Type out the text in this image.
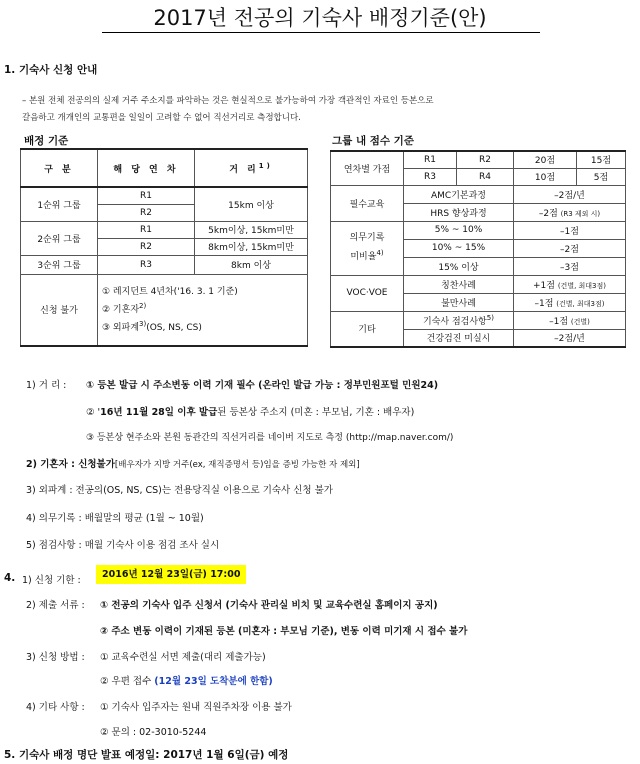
2017년 전공의 기숙사 배정기준(안)
1. 기숙사 신청 안내
– 본원 전체 전공의의 실제 거주 주소지를 파악하는 것은 현실적으로 불가능하여 가장 객관적인 자료인 등본으로
갈음하고 개개인의 교통편을 일일이 고려할 수 없어 직선거리로 측정합니다.
배정 기준	그룹 내 점수 기준
구 분	해 당 연 차	거 리$^{1)}$
1순위 그룹	R1	15km 이상
	R2	
2순위 그룹	R1	5km이상, 15km미만
	R2	8km이상, 15km미만
3순위 그룹	R3	8km 이상
신청 불가	① 레지던트 4년차('16. 3. 1 기준)
② 기혼자$^{2)}$
③ 외파계$^{3)}$(OS, NS, CS)	
연차별 가점	R1	R2	20점	15점
	R3	R4	10점	5점
필수교육	AMC기본과정		–2점/년	
	HRS 향상과정		–2점 (R3 제외 시)	

의무기록
미비율$^{4)}$	5% ~ 10%		–1점	
	10% ~ 15%		–2점	
	15% 이상		–3점	
VOC·VOE	칭찬사례		+1점 (건별, 최대3점)	
	불만사례		–1점 (건별, 최대3점)	
기타	기숙사 점검사항$^{5)}$		–1점 (건별)	
	건강검진 미실시		–2점/년	
1) 거 리 : ① 등본 발급 시 주소변동 이력 기재 필수 (온라인 발급 가능 : 정부민원포털 민원24)
② '16년 11월 28일 이후 발급된 등본상 주소지 (미혼 : 부모님, 기혼 : 배우자)
③ 등본상 현주소와 본원 동관간의 직선거리를 네이버 지도로 측정 (http://map.naver.com/)
2) 기혼자 : 신청불가[배우자가 지방 거주(ex, 재직증명서 등)임을 증빙 가능한 자 제외]
3) 외파계 : 전공의(OS, NS, CS)는 전용당직실 이용으로 기숙사 신청 불가
4) 의무기록 : 배월말의 평균 (1월 ~ 10월)
5) 점검사항 : 매월 기숙사 이용 점검 조사 실시
4. 1) 신청 기한 :
2016년 12월 23일(금) 17:00
2) 제출 서류 : ① 전공의 기숙사 입주 신청서 (기숙사 관리실 비치 및 교육수련실 홈페이지 공지)
② 주소 변동 이력이 기재된 등본 (미혼자 : 부모님 기준), 변동 이력 미기재 시 접수 불가
3) 신청 방법 : ① 교육수련실 서면 제출(대리 제출가능)
② 우편 접수 (12월 23일 도착분에 한함)
4) 기타 사항 : ① 기숙사 입주자는 원내 직원주차장 이용 불가
② 문의 : 02-3010-5244
5. 기숙사 배정 명단 발표 예정일: 2017년 1월 6일(금) 예정
